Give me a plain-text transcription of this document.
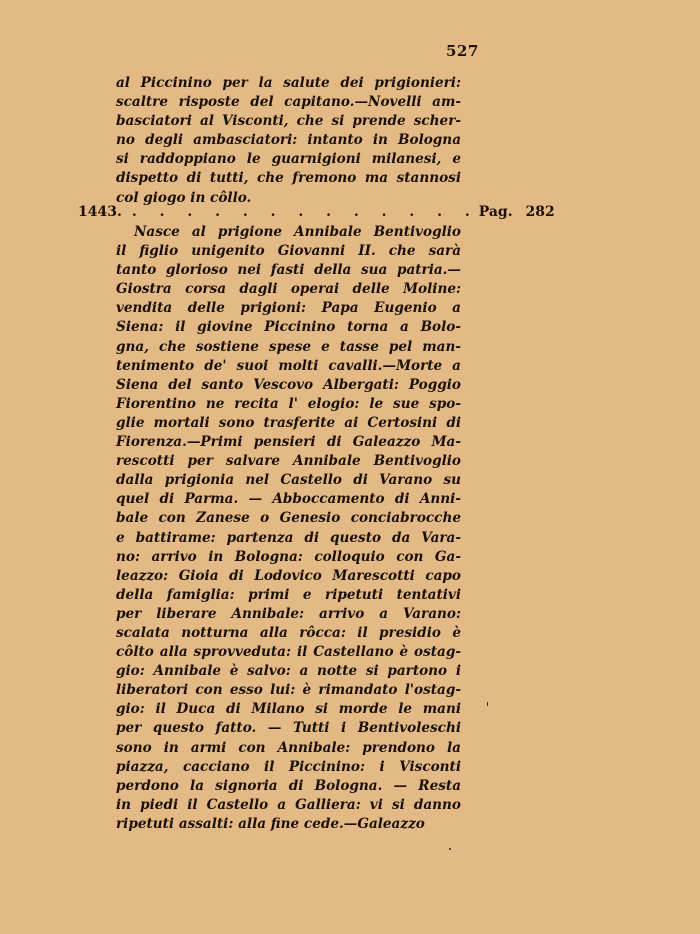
527
al Piccinino per la salute dei prigionieri:
scaltre risposte del capitano.—Novelli am-
basciatori al Visconti, che si prende scher-
no degli ambasciatori: intanto in Bologna
si raddoppiano le guarnigioni milanesi, e
dispetto di tutti, che fremono ma stannosi
col giogo in côllo.
1443. . . . . . . . . . . . . . Pag. 282
Nasce al prigione Annibale Bentivoglio
il figlio unigenito Giovanni II. che sarà
tanto glorioso nei fasti della sua patria.—
Giostra corsa dagli operai delle Moline:
vendita delle prigioni: Papa Eugenio a
Siena: il giovine Piccinino torna a Bolo-
gna, che sostiene spese e tasse pel man-
tenimento de' suoi molti cavalli.—Morte a
Siena del santo Vescovo Albergati: Poggio
Fiorentino ne recita l' elogio: le sue spo-
glie mortali sono trasferite ai Certosini di
Fiorenza.—Primi pensieri di Galeazzo Ma-
rescotti per salvare Annibale Bentivoglio
dalla prigionia nel Castello di Varano su
quel di Parma. — Abboccamento di Anni-
bale con Zanese o Genesio conciabrocche
e battirame: partenza di questo da Vara-
no: arrivo in Bologna: colloquio con Ga-
leazzo: Gioia di Lodovico Marescotti capo
della famiglia: primi e ripetuti tentativi
per liberare Annibale: arrivo a Varano:
scalata notturna alla rôcca: il presidio è
côlto alla sprovveduta: il Castellano è ostag-
gio: Annibale è salvo: a notte si partono i
liberatori con esso lui: è rimandato l'ostag-
gio: il Duca di Milano si morde le mani
per questo fatto. — Tutti i Bentivoleschi
sono in armi con Annibale: prendono la
piazza, cacciano il Piccinino: i Visconti
perdono la signoria di Bologna. — Resta
in piedi il Castello a Galliera: vi si danno
ripetuti assalti: alla fine cede.—Galeazzo
